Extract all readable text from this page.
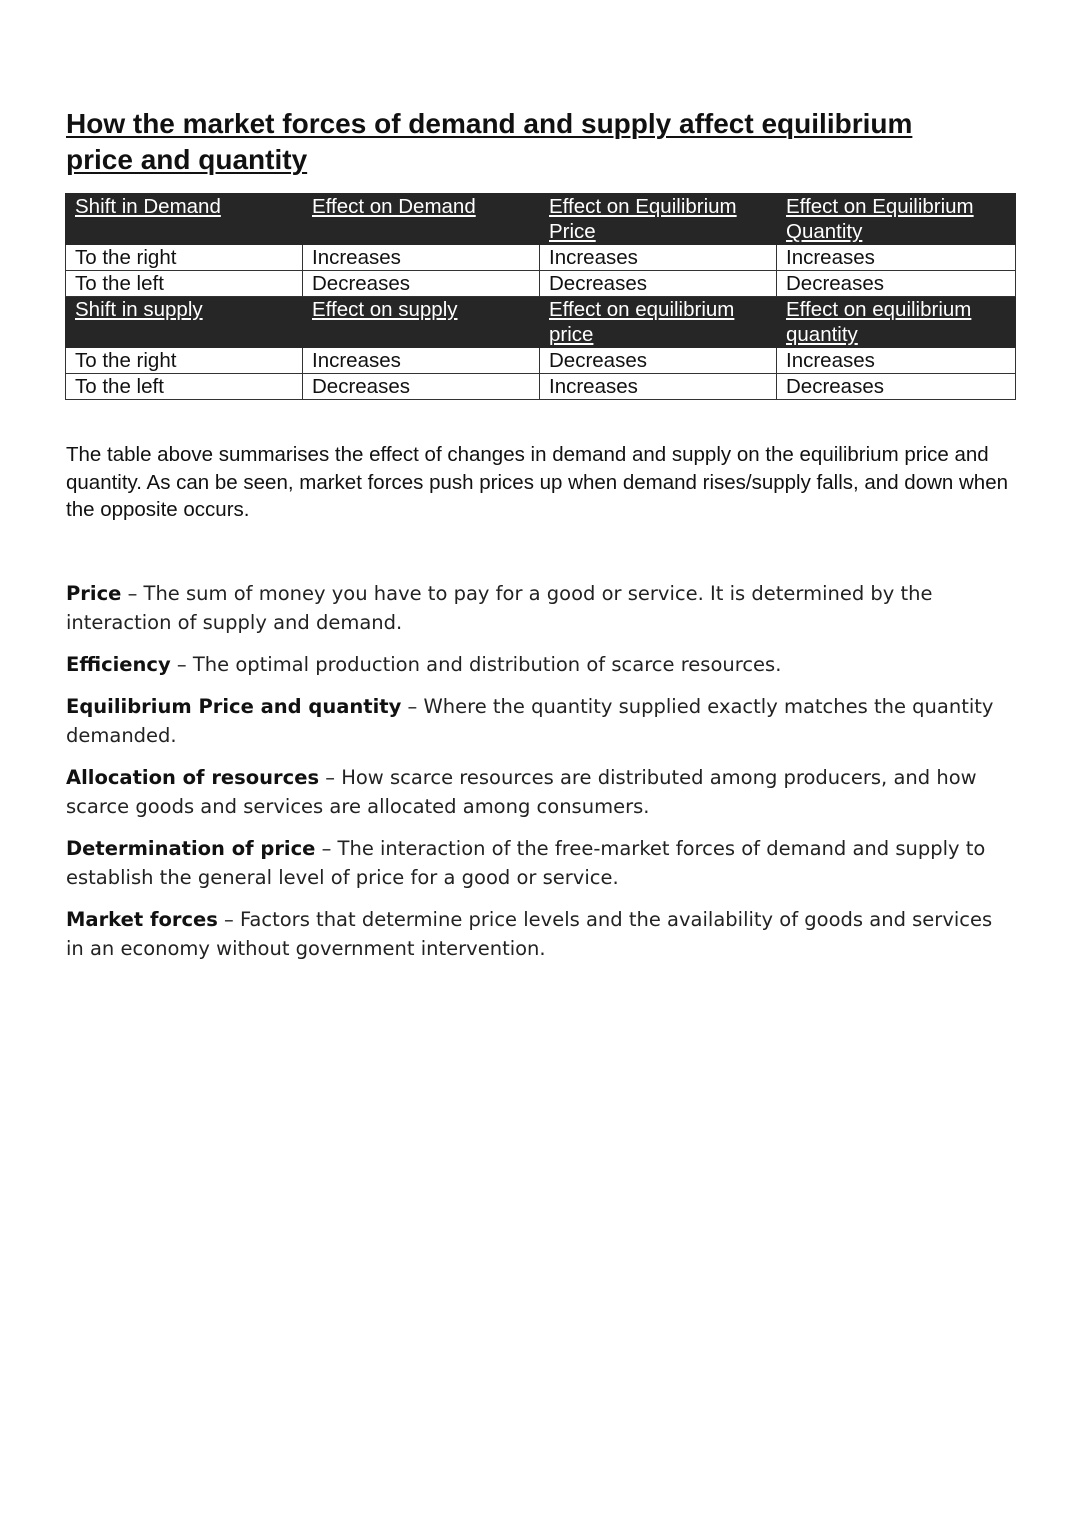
How the market forces of demand and supply affect equilibrium price and quantity
Shift in Demand	Effect on Demand	Effect on Equilibrium Price	Effect on Equilibrium Quantity
To the right	Increases	Increases	Increases
To the left	Decreases	Decreases	Decreases
Shift in supply	Effect on supply	Effect on equilibrium price	Effect on equilibrium quantity
To the right	Increases	Decreases	Increases
To the left	Decreases	Increases	Decreases

The table above summarises the effect of changes in demand and supply on the equilibrium price and quantity. As can be seen, market forces push prices up when demand rises/supply falls, and down when the opposite occurs.

Price – The sum of money you have to pay for a good or service. It is determined by the interaction of supply and demand.

Efficiency – The optimal production and distribution of scarce resources.

Equilibrium Price and quantity – Where the quantity supplied exactly matches the quantity demanded.

Allocation of resources – How scarce resources are distributed among producers, and how scarce goods and services are allocated among consumers.

Determination of price – The interaction of the free-market forces of demand and supply to establish the general level of price for a good or service.

Market forces – Factors that determine price levels and the availability of goods and services in an economy without government intervention.
